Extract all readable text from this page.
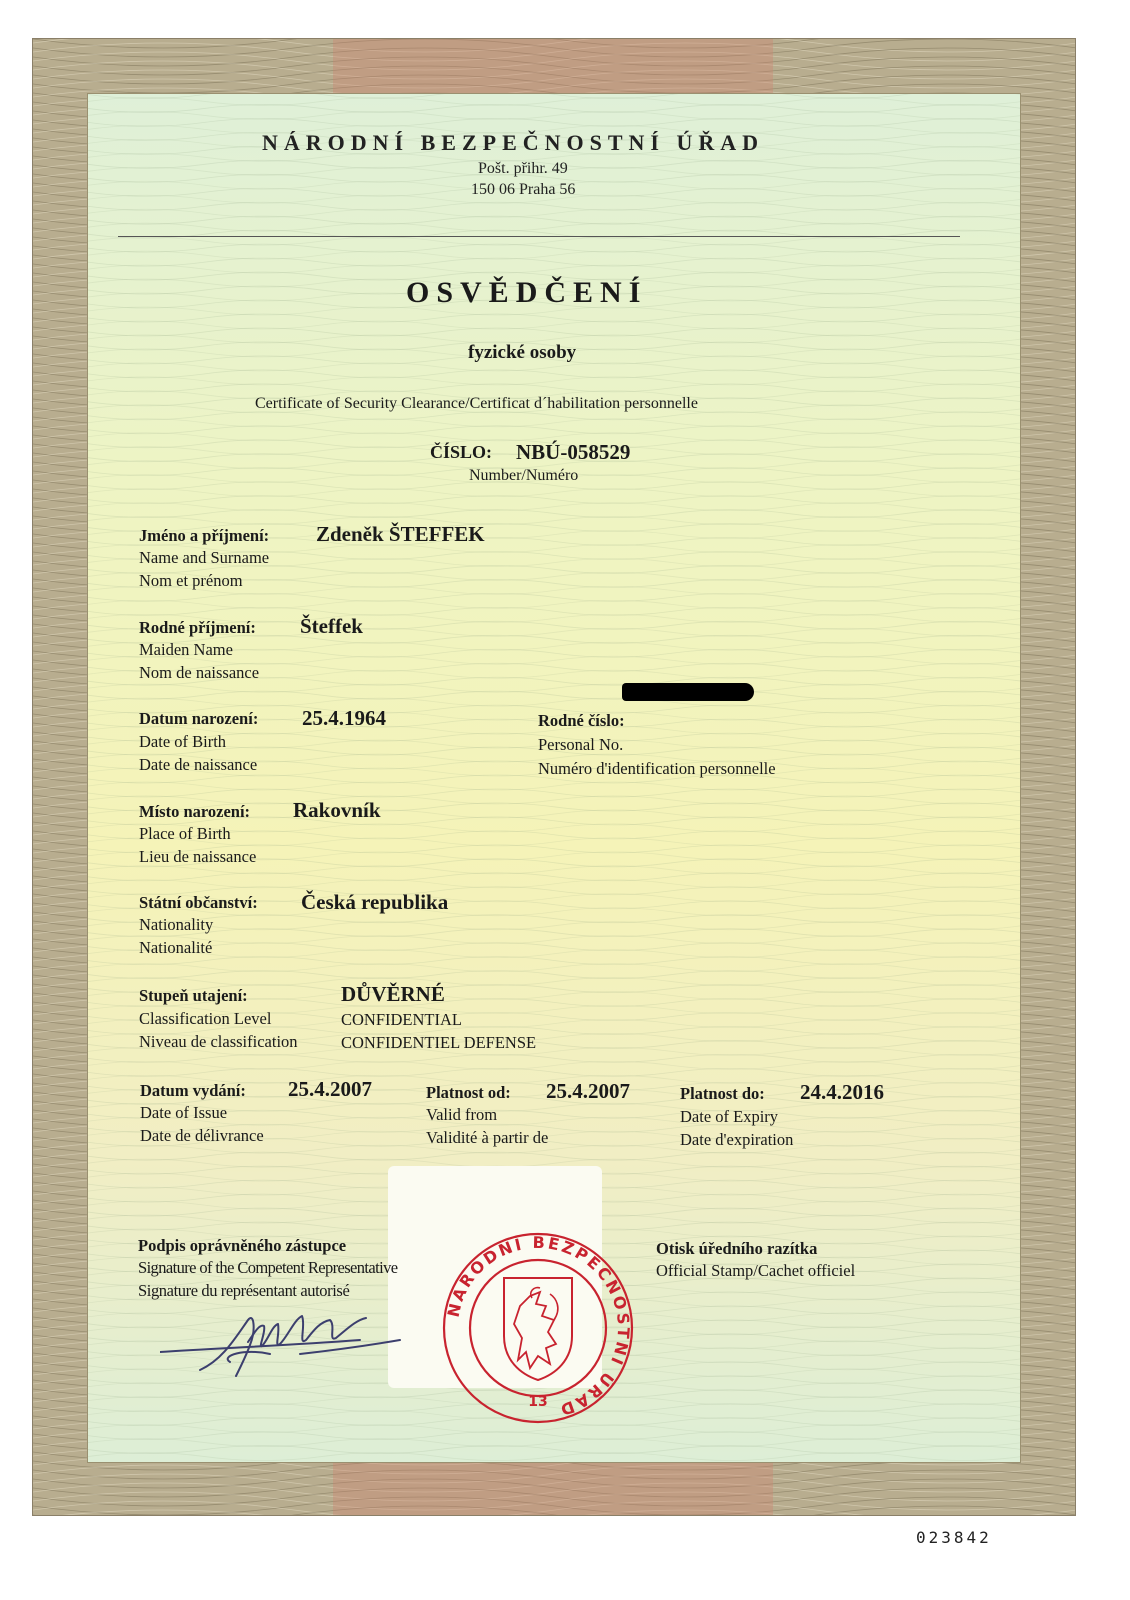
NÁRODNÍ BEZPEČNOSTNÍ ÚŘAD
Pošt. přihr. 49
150 06 Praha 56
OSVĚDČENÍ
fyzické osoby
Certificate of Security Clearance/Certificat d´habilitation personnelle
ČÍSLO: NBÚ-058529
Number/Numéro
Jméno a příjmení: Zdeněk ŠTEFFEK
Name and Surname
Nom et prénom
Rodné příjmení: Šteffek
Maiden Name
Nom de naissance
Datum narození: 25.4.1964
Date of Birth
Date de naissance
Rodné číslo:
Personal No.
Numéro d'identification personnelle
Místo narození: Rakovník
Place of Birth
Lieu de naissance
Státní občanství: Česká republika
Nationality
Nationalité
Stupeň utajení:	DŮVĚRNÉ
Classification Level	CONFIDENTIAL
Niveau de classification	CONFIDENTIEL DEFENSE
Datum vydání: 25.4.2007
Date of Issue
Date de délivrance
Platnost od: 25.4.2007
Valid from
Validité à partir de
Platnost do: 24.4.2016
Date of Expiry
Date d'expiration
Podpis oprávněného zástupce
Signature of the Competent Representative
Signature du représentant autorisé
NÁRODNÍ BEZPEČNOSTNÍ ÚŘAD
13
Otisk úředního razítka
Official Stamp/Cachet officiel
023842
